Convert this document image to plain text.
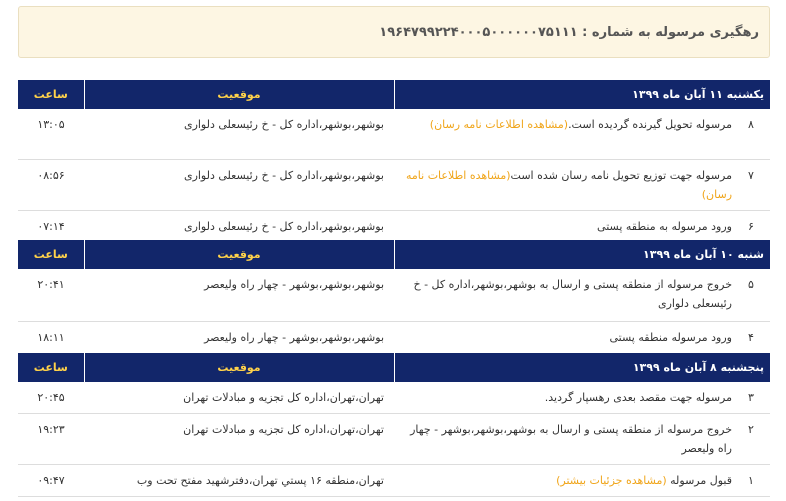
رهگیری مرسوله به شماره : ۱۹۶۴۷۹۹۲۲۴۰۰۰۵۰۰۰۰۰۰۷۵۱۱۱
یکشنبه ۱۱ آبان ماه ۱۳۹۹	موقعیت	ساعت

۸
مرسوله تحویل گیرنده گردیده است.(مشاهده اطلاعات نامه رسان)	بوشهر،بوشهر،اداره کل - خ رئیسعلی دلواری	۱۳:۰۵

۷
مرسوله جهت توزیع تحویل نامه رسان شده است(مشاهده اطلاعات نامه رسان)	بوشهر،بوشهر،اداره کل - خ رئیسعلی دلواری	۰۸:۵۶

۶
ورود مرسوله به منطقه پستی	بوشهر،بوشهر،اداره کل - خ رئیسعلی دلواری	۰۷:۱۴
شنبه ۱۰ آبان ماه ۱۳۹۹	موقعیت	ساعت

۵
خروج مرسوله از منطقه پستی و ارسال به بوشهر،بوشهر،اداره کل - خ رئیسعلی دلواری	بوشهر،بوشهر،بوشهر - چهار راه ولیعصر	۲۰:۴۱

۴
ورود مرسوله منطقه پستی	بوشهر،بوشهر،بوشهر - چهار راه ولیعصر	۱۸:۱۱
پنجشنبه ۸ آبان ماه ۱۳۹۹	موقعیت	ساعت

۳
مرسوله جهت مقصد بعدی رهسپار گردید.	تهران،تهران،اداره کل تجزیه و مبادلات تهران	۲۰:۴۵

۲
خروج مرسوله از منطقه پستی و ارسال به بوشهر،بوشهر،بوشهر - چهار راه ولیعصر	تهران،تهران،اداره کل تجزیه و مبادلات تهران	۱۹:۲۳

۱
قبول مرسوله (مشاهده جزئیات بیشتر)	تهران،منطقه ۱۶ پستي تهران،دفترشهید مفتح تحت وب	۰۹:۴۷
